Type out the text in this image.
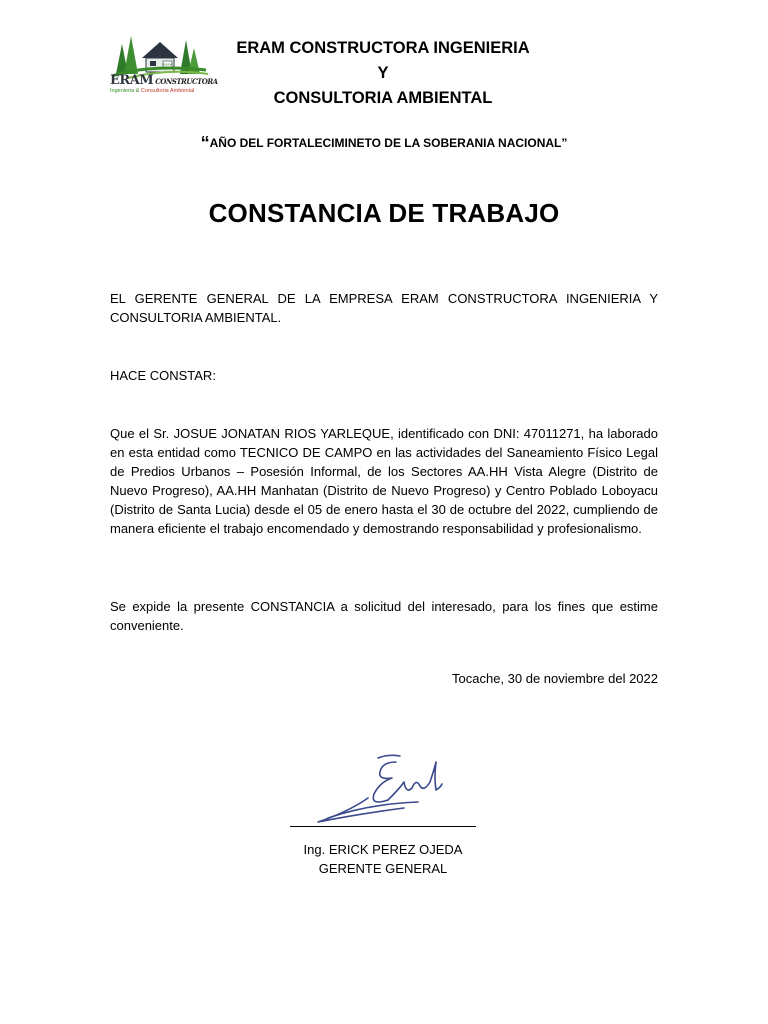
ERAM
ERAM CONSTRUCTORA
Ingenieria & Consultoria Ambiental
ERAM CONSTRUCTORA INGENIERIA Y
CONSULTORIA AMBIENTAL
“AÑO DEL FORTALECIMINETO DE LA SOBERANIA NACIONAL”
CONSTANCIA DE TRABAJO
EL GERENTE GENERAL DE LA EMPRESA ERAM CONSTRUCTORA INGENIERIA Y CONSULTORIA AMBIENTAL.
HACE CONSTAR:
Que el Sr. JOSUE JONATAN RIOS YARLEQUE, identificado con DNI: 47011271, ha laborado en esta entidad como TECNICO DE CAMPO en las actividades del Saneamiento Físico Legal de Predios Urbanos – Posesión Informal, de los Sectores AA.HH Vista Alegre (Distrito de Nuevo Progreso), AA.HH Manhatan (Distrito de Nuevo Progreso) y Centro Poblado Loboyacu (Distrito de Santa Lucia) desde el 05 de enero hasta el 30 de octubre del 2022, cumpliendo de manera eficiente el trabajo encomendado y demostrando responsabilidad y profesionalismo.
Se expide la presente CONSTANCIA a solicitud del interesado, para los fines que estime conveniente.
Tocache, 30 de noviembre del 2022
Ing. ERICK PEREZ OJEDA
GERENTE GENERAL
